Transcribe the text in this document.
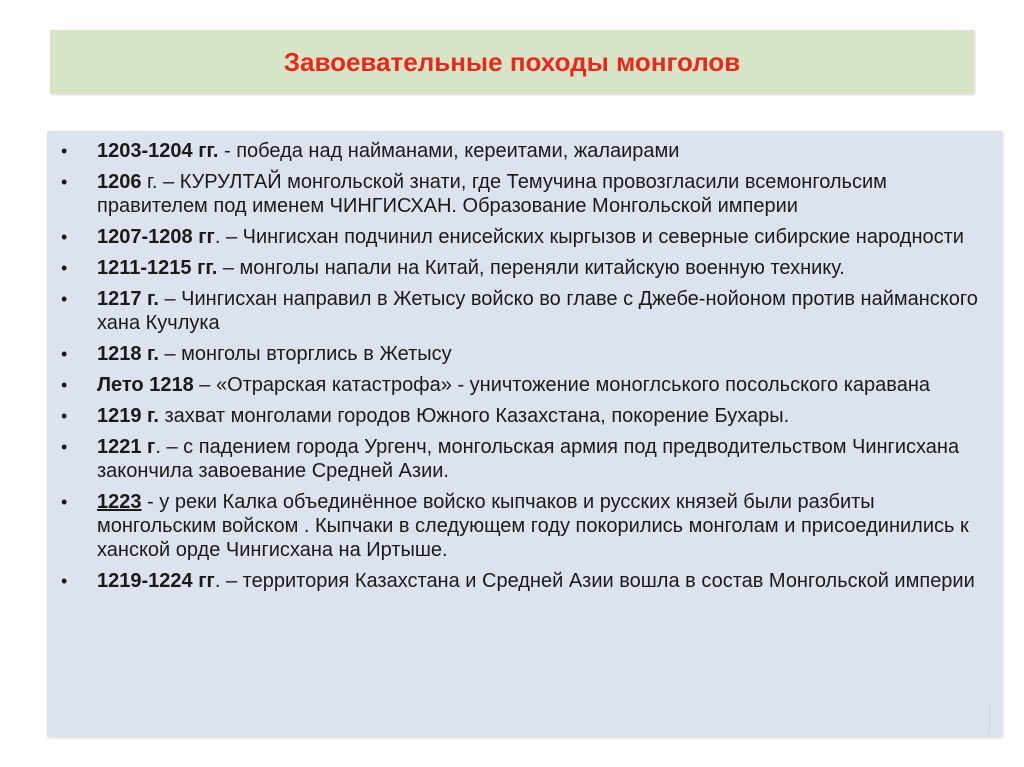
Завоевательные походы монголов
• 1203-1204 гг. - победа над найманами, кереитами, жалаирами
• 1206 г. – КУРУЛТАЙ монгольской знати, где Темучина провозгласили всемонгольсим правителем под именем ЧИНГИСХАН. Образование Монгольской империи
• 1207-1208 гг. – Чингисхан подчинил енисейских кыргызов и северные сибирские народности
• 1211-1215 гг. – монголы напали на Китай, переняли китайскую военную технику.
• 1217 г. – Чингисхан направил в Жетысу войско во главе с Джебе-нойоном против найманского хана Кучлука
• 1218 г. – монголы вторглись в Жетысу
• Лето 1218 – «Отрарская катастрофа» - уничтожение моноглського посольского каравана
• 1219 г. захват монголами городов Южного Казахстана, покорение Бухары.
• 1221 г. – с падением города Ургенч, монгольская армия под предводительством Чингисхана закончила завоевание Средней Азии.
• 1223 - у реки Калка объединённое войско кыпчаков и русских князей были разбиты монгольским войском . Кыпчаки в следующем году покорились монголам и присоединились к ханской орде Чингисхана на Иртыше.
• 1219-1224 гг. – территория Казахстана и Средней Азии вошла в состав Монгольской империи
